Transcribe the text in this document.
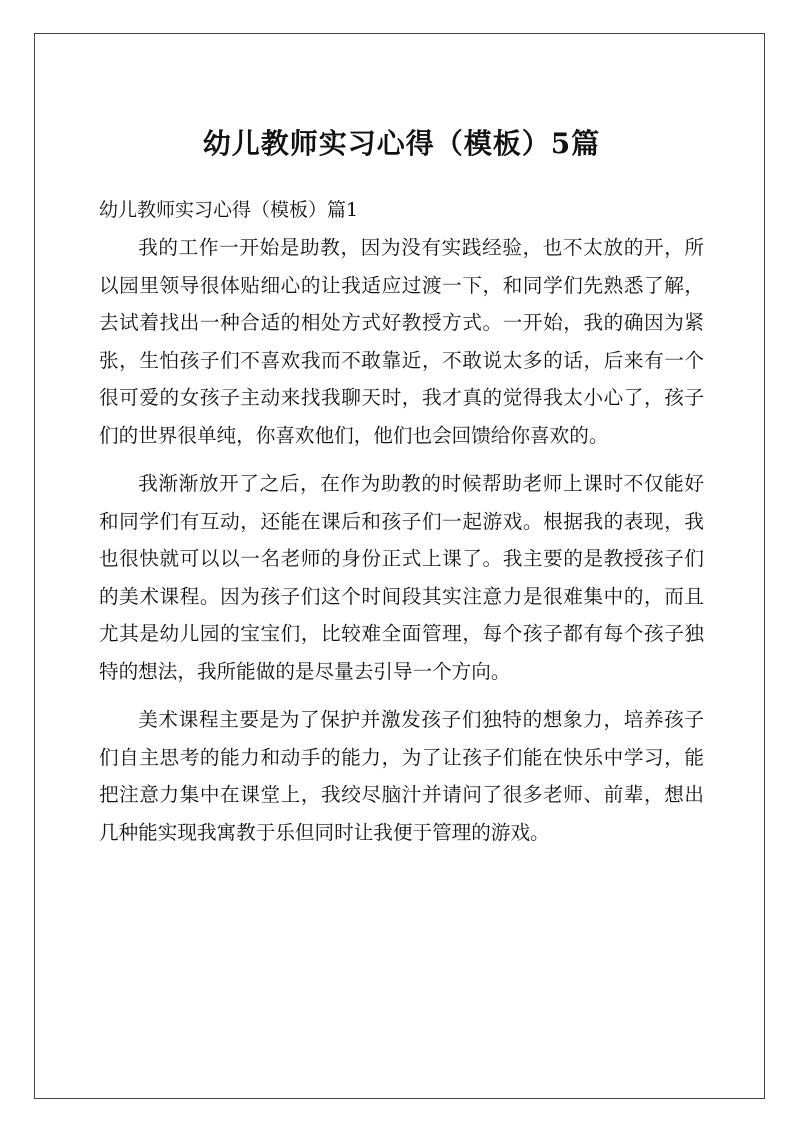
幼儿教师实习心得（模板）5篇
幼儿教师实习心得（模板）篇1

我的工作一开始是助教，因为没有实践经验，也不太放的开，所以园里领导很体贴细心的让我适应过渡一下，和同学们先熟悉了解，去试着找出一种合适的相处方式好教授方式。一开始，我的确因为紧张，生怕孩子们不喜欢我而不敢靠近，不敢说太多的话，后来有一个很可爱的女孩子主动来找我聊天时，我才真的觉得我太小心了，孩子们的世界很单纯，你喜欢他们，他们也会回馈给你喜欢的。

我渐渐放开了之后，在作为助教的时候帮助老师上课时不仅能好和同学们有互动，还能在课后和孩子们一起游戏。根据我的表现，我也很快就可以以一名老师的身份正式上课了。我主要的是教授孩子们的美术课程。因为孩子们这个时间段其实注意力是很难集中的，而且尤其是幼儿园的宝宝们，比较难全面管理，每个孩子都有每个孩子独特的想法，我所能做的是尽量去引导一个方向。

美术课程主要是为了保护并激发孩子们独特的想象力，培养孩子们自主思考的能力和动手的能力，为了让孩子们能在快乐中学习，能把注意力集中在课堂上，我绞尽脑汁并请问了很多老师、前辈，想出几种能实现我寓教于乐但同时让我便于管理的游戏。
